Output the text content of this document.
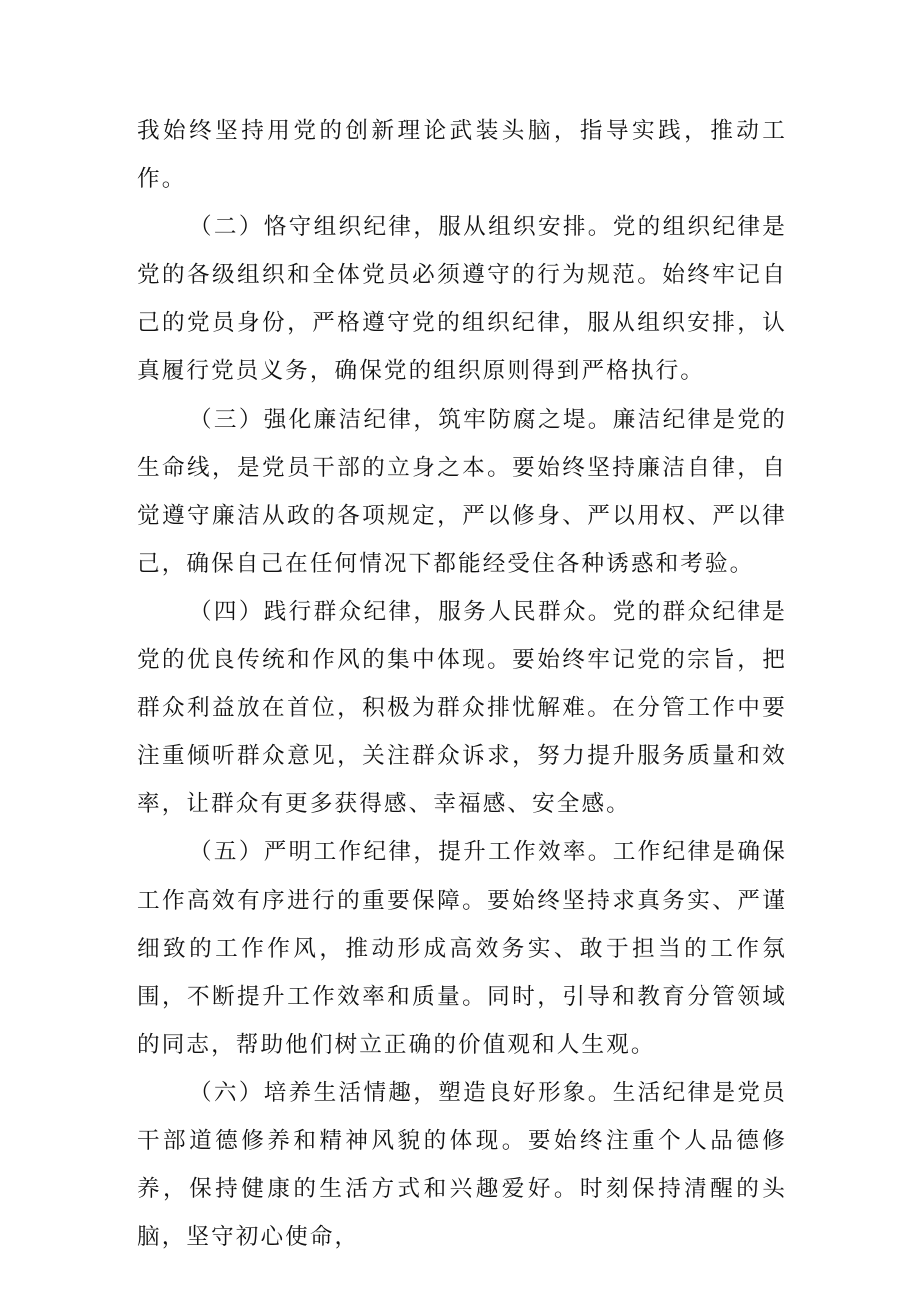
我始终坚持用党的创新理论武装头脑，指导实践，推动工作。

（二）恪守组织纪律，服从组织安排。党的组织纪律是党的各级组织和全体党员必须遵守的行为规范。始终牢记自己的党员身份，严格遵守党的组织纪律，服从组织安排，认真履行党员义务，确保党的组织原则得到严格执行。

（三）强化廉洁纪律，筑牢防腐之堤。廉洁纪律是党的生命线，是党员干部的立身之本。要始终坚持廉洁自律，自觉遵守廉洁从政的各项规定，严以修身、严以用权、严以律己，确保自己在任何情况下都能经受住各种诱惑和考验。

（四）践行群众纪律，服务人民群众。党的群众纪律是党的优良传统和作风的集中体现。要始终牢记党的宗旨，把群众利益放在首位，积极为群众排忧解难。在分管工作中要注重倾听群众意见，关注群众诉求，努力提升服务质量和效率，让群众有更多获得感、幸福感、安全感。

（五）严明工作纪律，提升工作效率。工作纪律是确保工作高效有序进行的重要保障。要始终坚持求真务实、严谨细致的工作作风，推动形成高效务实、敢于担当的工作氛围，不断提升工作效率和质量。同时，引导和教育分管领域的同志，帮助他们树立正确的价值观和人生观。

（六）培养生活情趣，塑造良好形象。生活纪律是党员干部道德修养和精神风貌的体现。要始终注重个人品德修养，保持健康的生活方式和兴趣爱好。时刻保持清醒的头脑，坚守初心使命，
